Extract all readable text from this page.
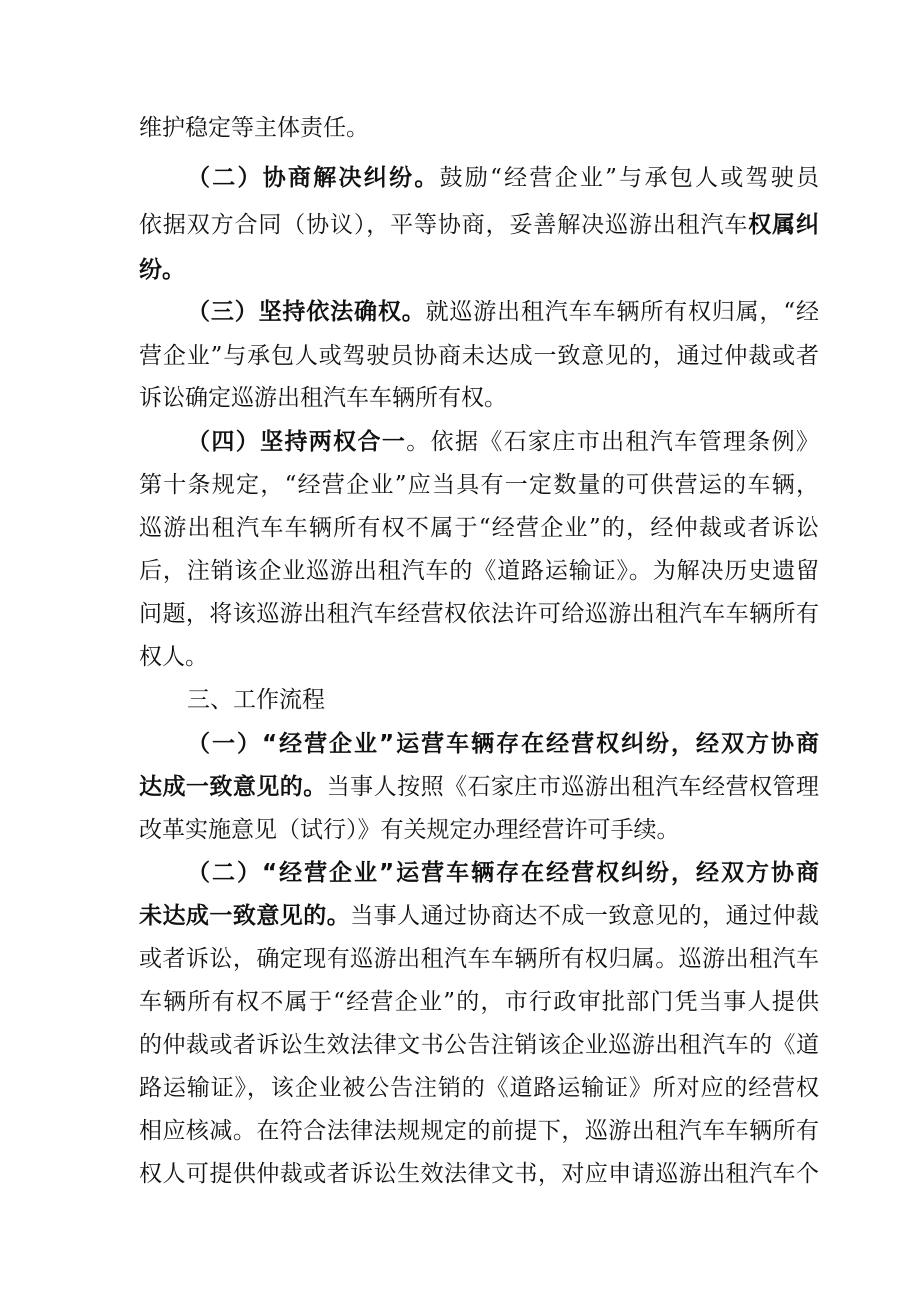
维护稳定等主体责任。
（二）协商解决纠纷。鼓励“经营企业”与承包人或驾驶员
依据双方合同（协议），平等协商，妥善解决巡游出租汽车权属纠
纷。
（三）坚持依法确权。就巡游出租汽车车辆所有权归属，“经
营企业”与承包人或驾驶员协商未达成一致意见的，通过仲裁或者
诉讼确定巡游出租汽车车辆所有权。
（四）坚持两权合一。依据《石家庄市出租汽车管理条例》
第十条规定，“经营企业”应当具有一定数量的可供营运的车辆，
巡游出租汽车车辆所有权不属于“经营企业”的，经仲裁或者诉讼
后，注销该企业巡游出租汽车的《道路运输证》。为解决历史遗留
问题，将该巡游出租汽车经营权依法许可给巡游出租汽车车辆所有
权人。
三、工作流程
（一）“经营企业”运营车辆存在经营权纠纷，经双方协商
达成一致意见的。当事人按照《石家庄市巡游出租汽车经营权管理
改革实施意见（试行）》有关规定办理经营许可手续。
（二）“经营企业”运营车辆存在经营权纠纷，经双方协商
未达成一致意见的。当事人通过协商达不成一致意见的，通过仲裁
或者诉讼，确定现有巡游出租汽车车辆所有权归属。巡游出租汽车
车辆所有权不属于“经营企业”的，市行政审批部门凭当事人提供
的仲裁或者诉讼生效法律文书公告注销该企业巡游出租汽车的《道
路运输证》，该企业被公告注销的《道路运输证》所对应的经营权
相应核减。在符合法律法规规定的前提下，巡游出租汽车车辆所有
权人可提供仲裁或者诉讼生效法律文书，对应申请巡游出租汽车个
